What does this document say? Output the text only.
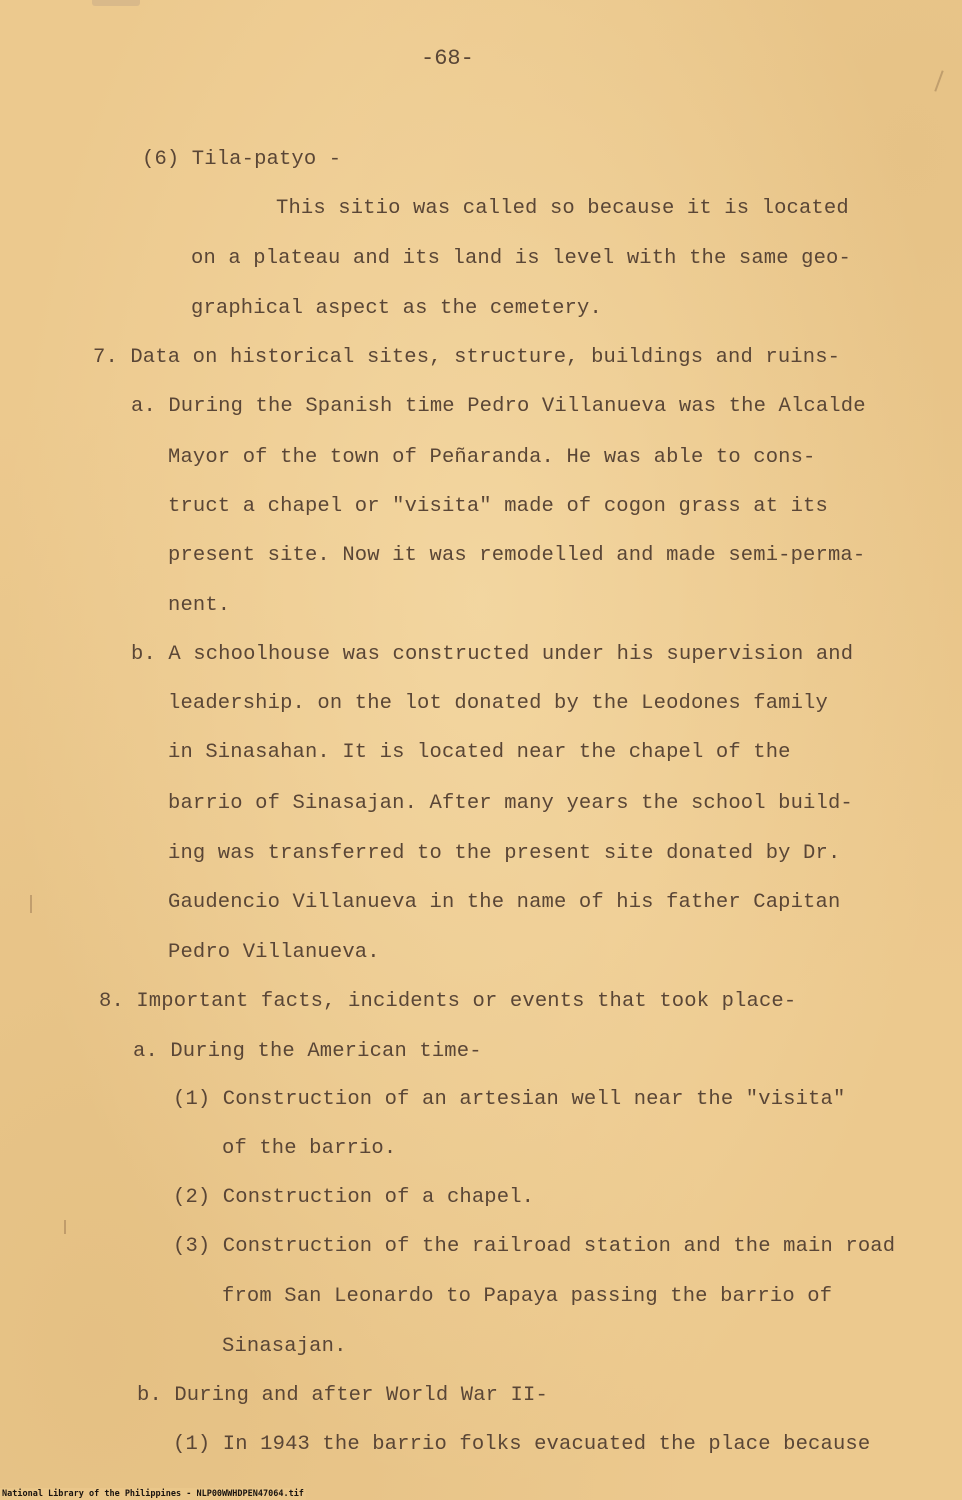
-68-
(6) Tila-patyo -
This sitio was called so because it is located
on a plateau and its land is level with the same geo-
graphical aspect as the cemetery.
7. Data on historical sites, structure, buildings and ruins-
a. During the Spanish time Pedro Villanueva was the Alcalde
Mayor of the town of Peñaranda. He was able to cons-
truct a chapel or "visita" made of cogon grass at its
present site. Now it was remodelled and made semi-perma-
nent.
b. A schoolhouse was constructed under his supervision and
leadership. on the lot donated by the Leodones family
in Sinasahan. It is located near the chapel of the
barrio of Sinasajan. After many years the school build-
ing was transferred to the present site donated by Dr.
Gaudencio Villanueva in the name of his father Capitan
Pedro Villanueva.
8. Important facts, incidents or events that took place-
a. During the American time-
(1) Construction of an artesian well near the "visita"
of the barrio.
(2) Construction of a chapel.
(3) Construction of the railroad station and the main road
from San Leonardo to Papaya passing the barrio of
Sinasajan.
b. During and after World War II-
(1) In 1943 the barrio folks evacuated the place because
National Library of the Philippines - NLP00WWHDPEN47064.tif
